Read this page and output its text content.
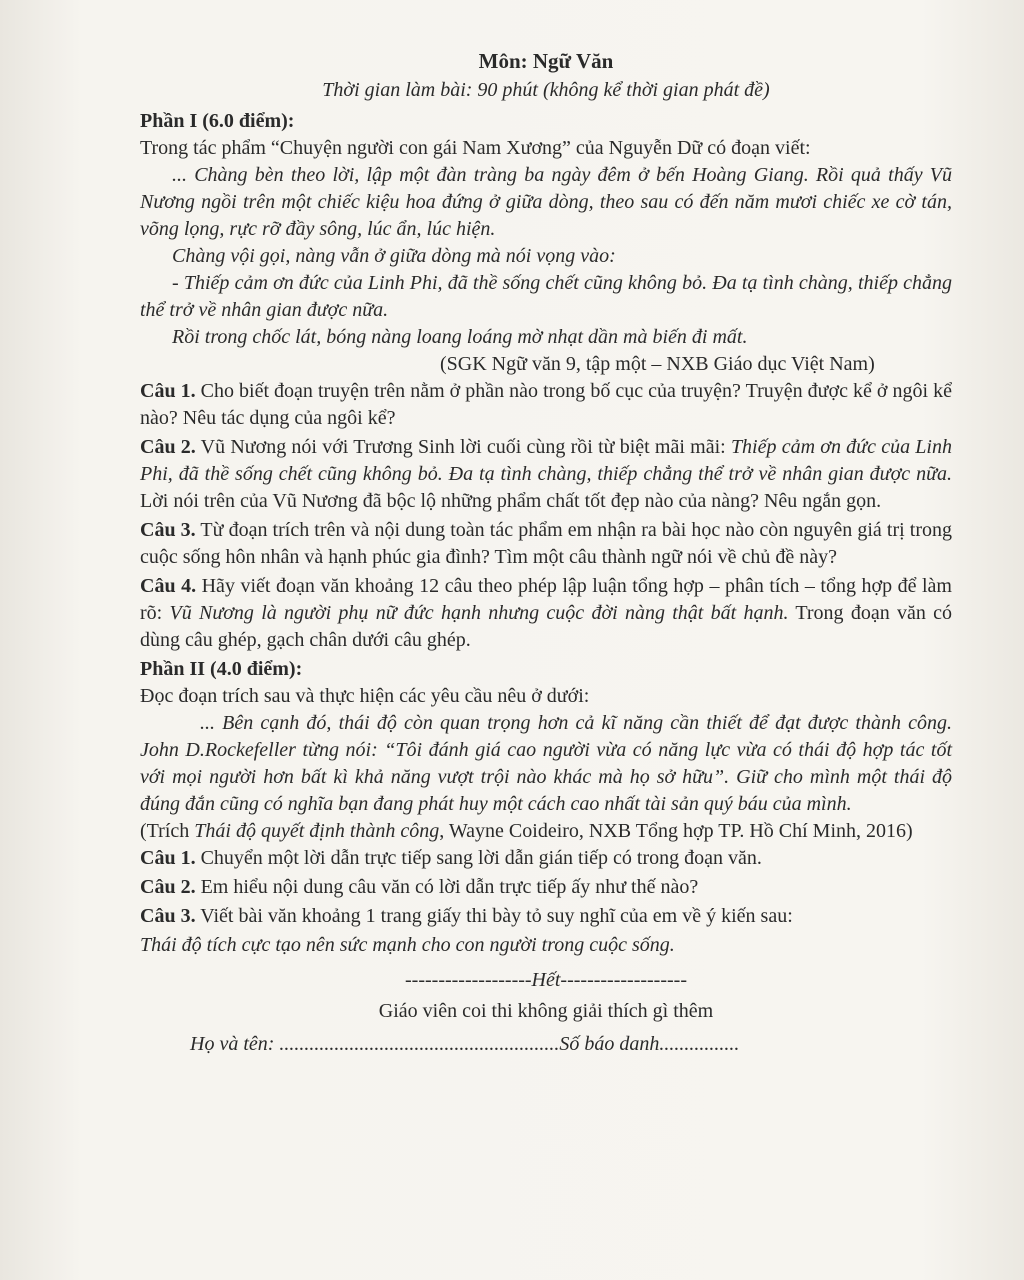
Môn: Ngữ Văn
Thời gian làm bài: 90 phút (không kể thời gian phát đề)
Phần I (6.0 điểm):

Trong tác phẩm “Chuyện người con gái Nam Xương” của Nguyễn Dữ có đoạn viết:

... Chàng bèn theo lời, lập một đàn tràng ba ngày đêm ở bến Hoàng Giang. Rồi quả thấy Vũ Nương ngồi trên một chiếc kiệu hoa đứng ở giữa dòng, theo sau có đến năm mươi chiếc xe cờ tán, võng lọng, rực rỡ đầy sông, lúc ẩn, lúc hiện.

Chàng vội gọi, nàng vẫn ở giữa dòng mà nói vọng vào:

- Thiếp cảm ơn đức của Linh Phi, đã thề sống chết cũng không bỏ. Đa tạ tình chàng, thiếp chẳng thể trở về nhân gian được nữa.

Rồi trong chốc lát, bóng nàng loang loáng mờ nhạt dần mà biến đi mất.

(SGK Ngữ văn 9, tập một – NXB Giáo dục Việt Nam)

Câu 1. Cho biết đoạn truyện trên nằm ở phần nào trong bố cục của truyện? Truyện được kể ở ngôi kể nào? Nêu tác dụng của ngôi kể?

Câu 2. Vũ Nương nói với Trương Sinh lời cuối cùng rồi từ biệt mãi mãi: Thiếp cảm ơn đức của Linh Phi, đã thề sống chết cũng không bỏ. Đa tạ tình chàng, thiếp chẳng thể trở về nhân gian được nữa. Lời nói trên của Vũ Nương đã bộc lộ những phẩm chất tốt đẹp nào của nàng? Nêu ngắn gọn.

Câu 3. Từ đoạn trích trên và nội dung toàn tác phẩm em nhận ra bài học nào còn nguyên giá trị trong cuộc sống hôn nhân và hạnh phúc gia đình? Tìm một câu thành ngữ nói về chủ đề này?

Câu 4. Hãy viết đoạn văn khoảng 12 câu theo phép lập luận tổng hợp – phân tích – tổng hợp để làm rõ: Vũ Nương là người phụ nữ đức hạnh nhưng cuộc đời nàng thật bất hạnh. Trong đoạn văn có dùng câu ghép, gạch chân dưới câu ghép.

Phần II (4.0 điểm):

Đọc đoạn trích sau và thực hiện các yêu cầu nêu ở dưới:

... Bên cạnh đó, thái độ còn quan trọng hơn cả kĩ năng cần thiết để đạt được thành công. John D.Rockefeller từng nói: “Tôi đánh giá cao người vừa có năng lực vừa có thái độ hợp tác tốt với mọi người hơn bất kì khả năng vượt trội nào khác mà họ sở hữu”. Giữ cho mình một thái độ đúng đắn cũng có nghĩa bạn đang phát huy một cách cao nhất tài sản quý báu của mình.

(Trích Thái độ quyết định thành công, Wayne Coideiro, NXB Tổng hợp TP. Hồ Chí Minh, 2016)

Câu 1. Chuyển một lời dẫn trực tiếp sang lời dẫn gián tiếp có trong đoạn văn.

Câu 2. Em hiểu nội dung câu văn có lời dẫn trực tiếp ấy như thế nào?

Câu 3. Viết bài văn khoảng 1 trang giấy thi bày tỏ suy nghĩ của em về ý kiến sau:

Thái độ tích cực tạo nên sức mạnh cho con người trong cuộc sống.

-------------------Hết-------------------
Giáo viên coi thi không giải thích gì thêm
Họ và tên: ........................................................Số báo danh................
